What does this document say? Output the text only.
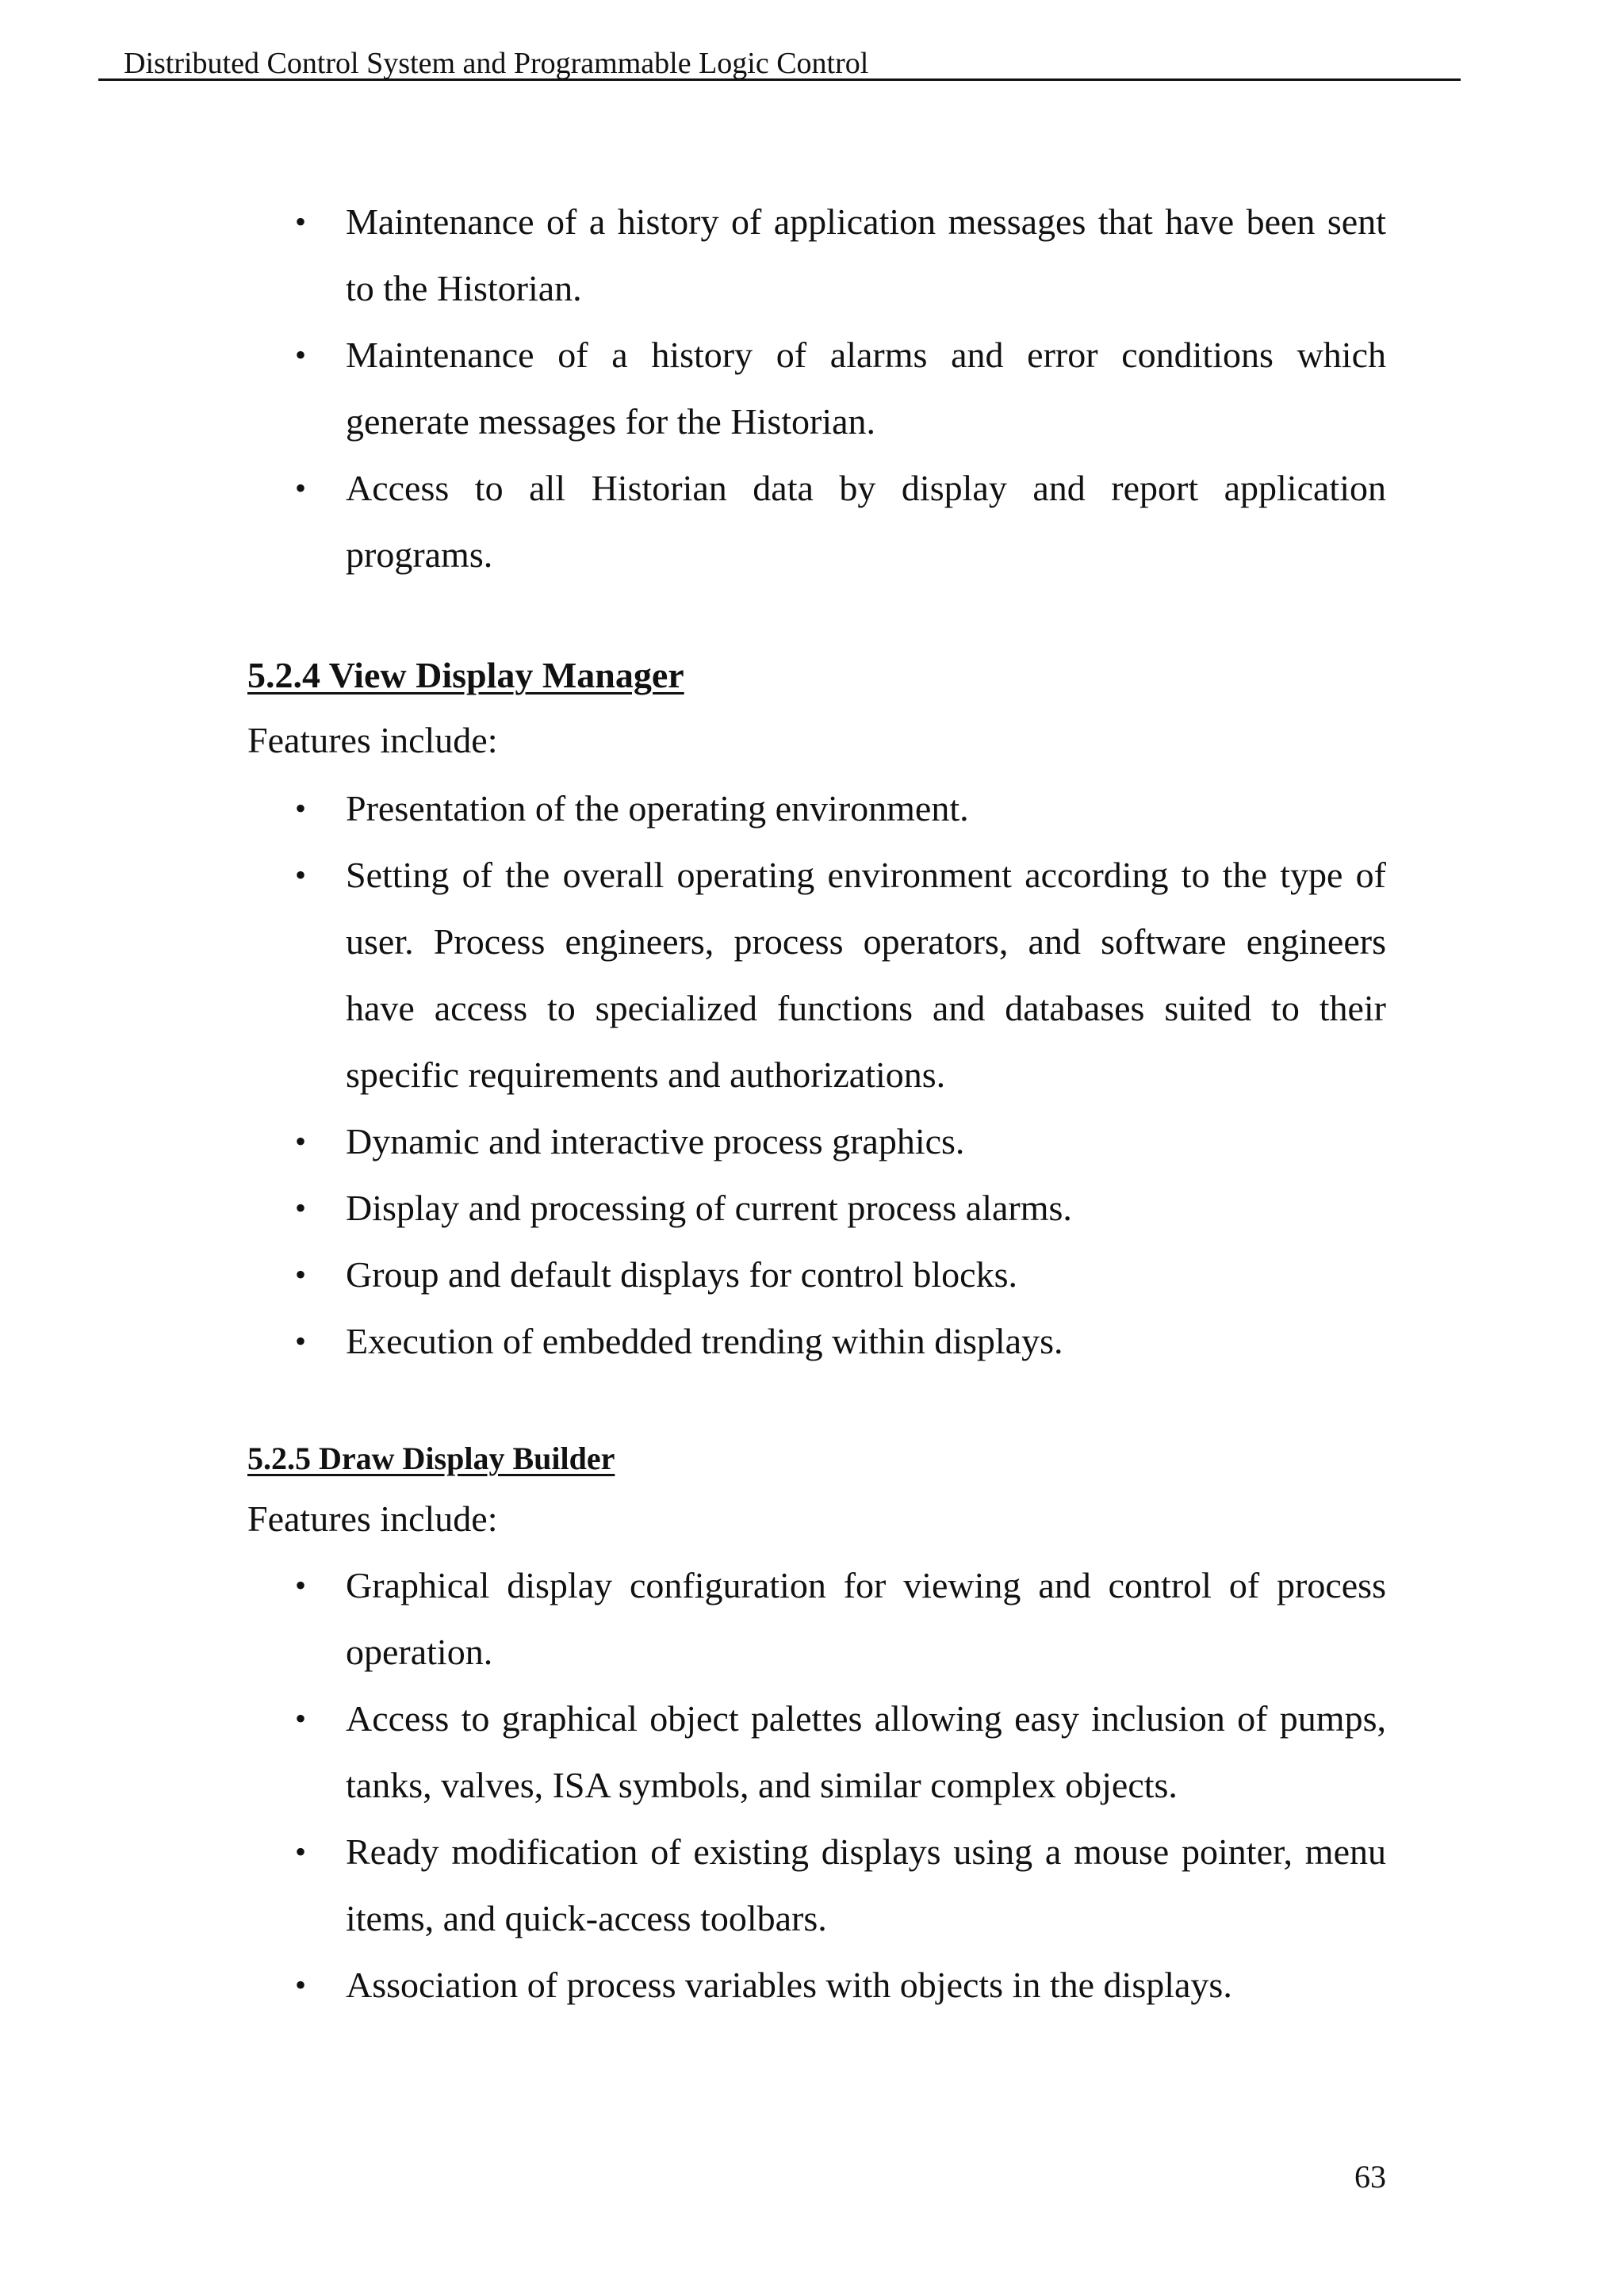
Distributed Control System and Programmable Logic Control
•	Maintenance of a history of application messages that have been sent to the Historian.
•	Maintenance of a history of alarms and error conditions which generate messages for the Historian.
•	Access to all Historian data by display and report application programs.
5.2.4 View Display Manager
Features include:
•	Presentation of the operating environment.
•	Setting of the overall operating environment according to the type of user. Process engineers, process operators, and software engineers have access to specialized functions and databases suited to their specific requirements and authorizations.
•	Dynamic and interactive process graphics.
•	Display and processing of current process alarms.
•	Group and default displays for control blocks.
•	Execution of embedded trending within displays.
5.2.5 Draw Display Builder
Features include:
•	Graphical display configuration for viewing and control of process operation.
•	Access to graphical object palettes allowing easy inclusion of pumps, tanks, valves, ISA symbols, and similar complex objects.
•	Ready modification of existing displays using a mouse pointer, menu items, and quick-access toolbars.
•	Association of process variables with objects in the displays.
63
